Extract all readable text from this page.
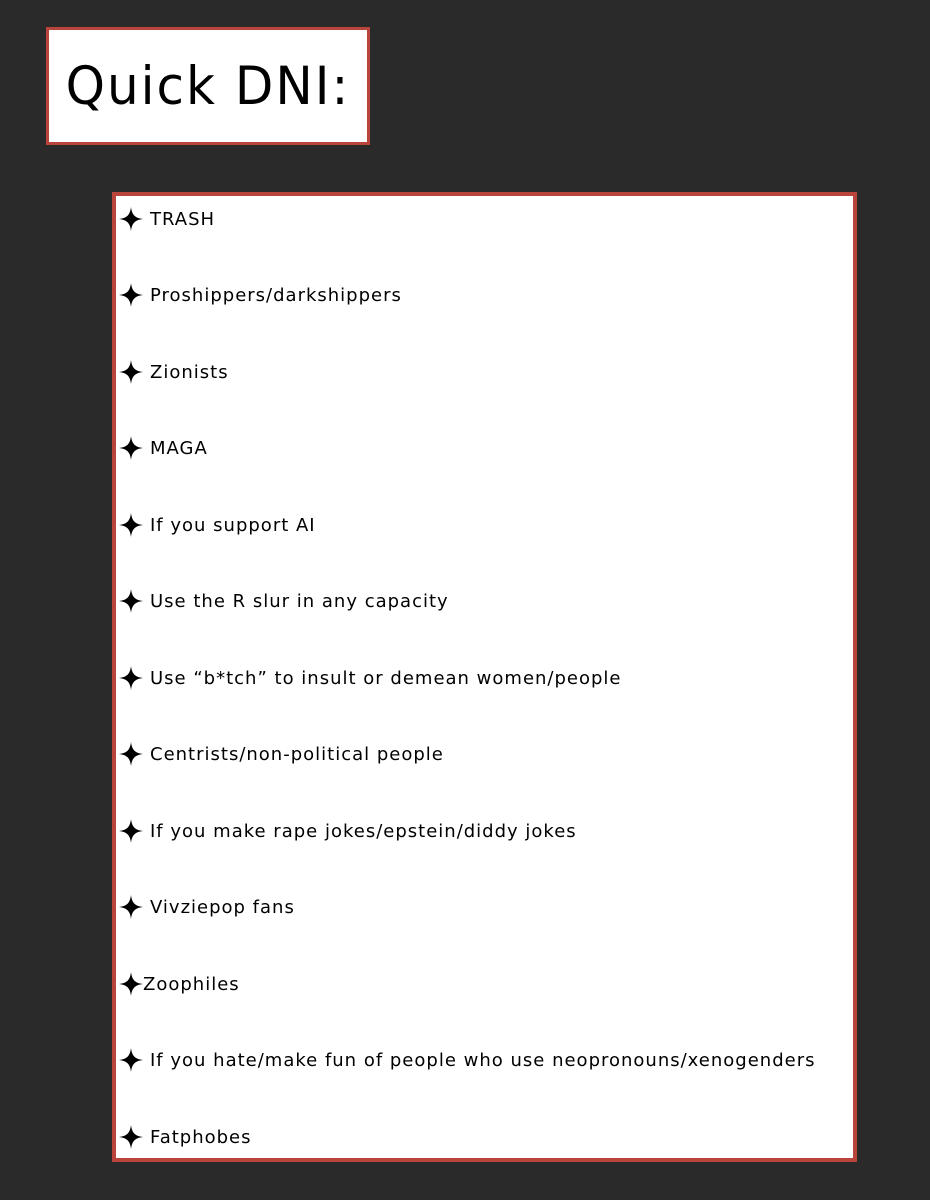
Quick DNI:
TRASH
Proshippers/darkshippers
Zionists
MAGA
If you support AI
Use the R slur in any capacity
Use “b*tch” to insult or demean women/people
Centrists/non-political people
If you make rape jokes/epstein/diddy jokes
Vivziepop fans
Zoophiles
If you hate/make fun of people who use neopronouns/xenogenders
Fatphobes
